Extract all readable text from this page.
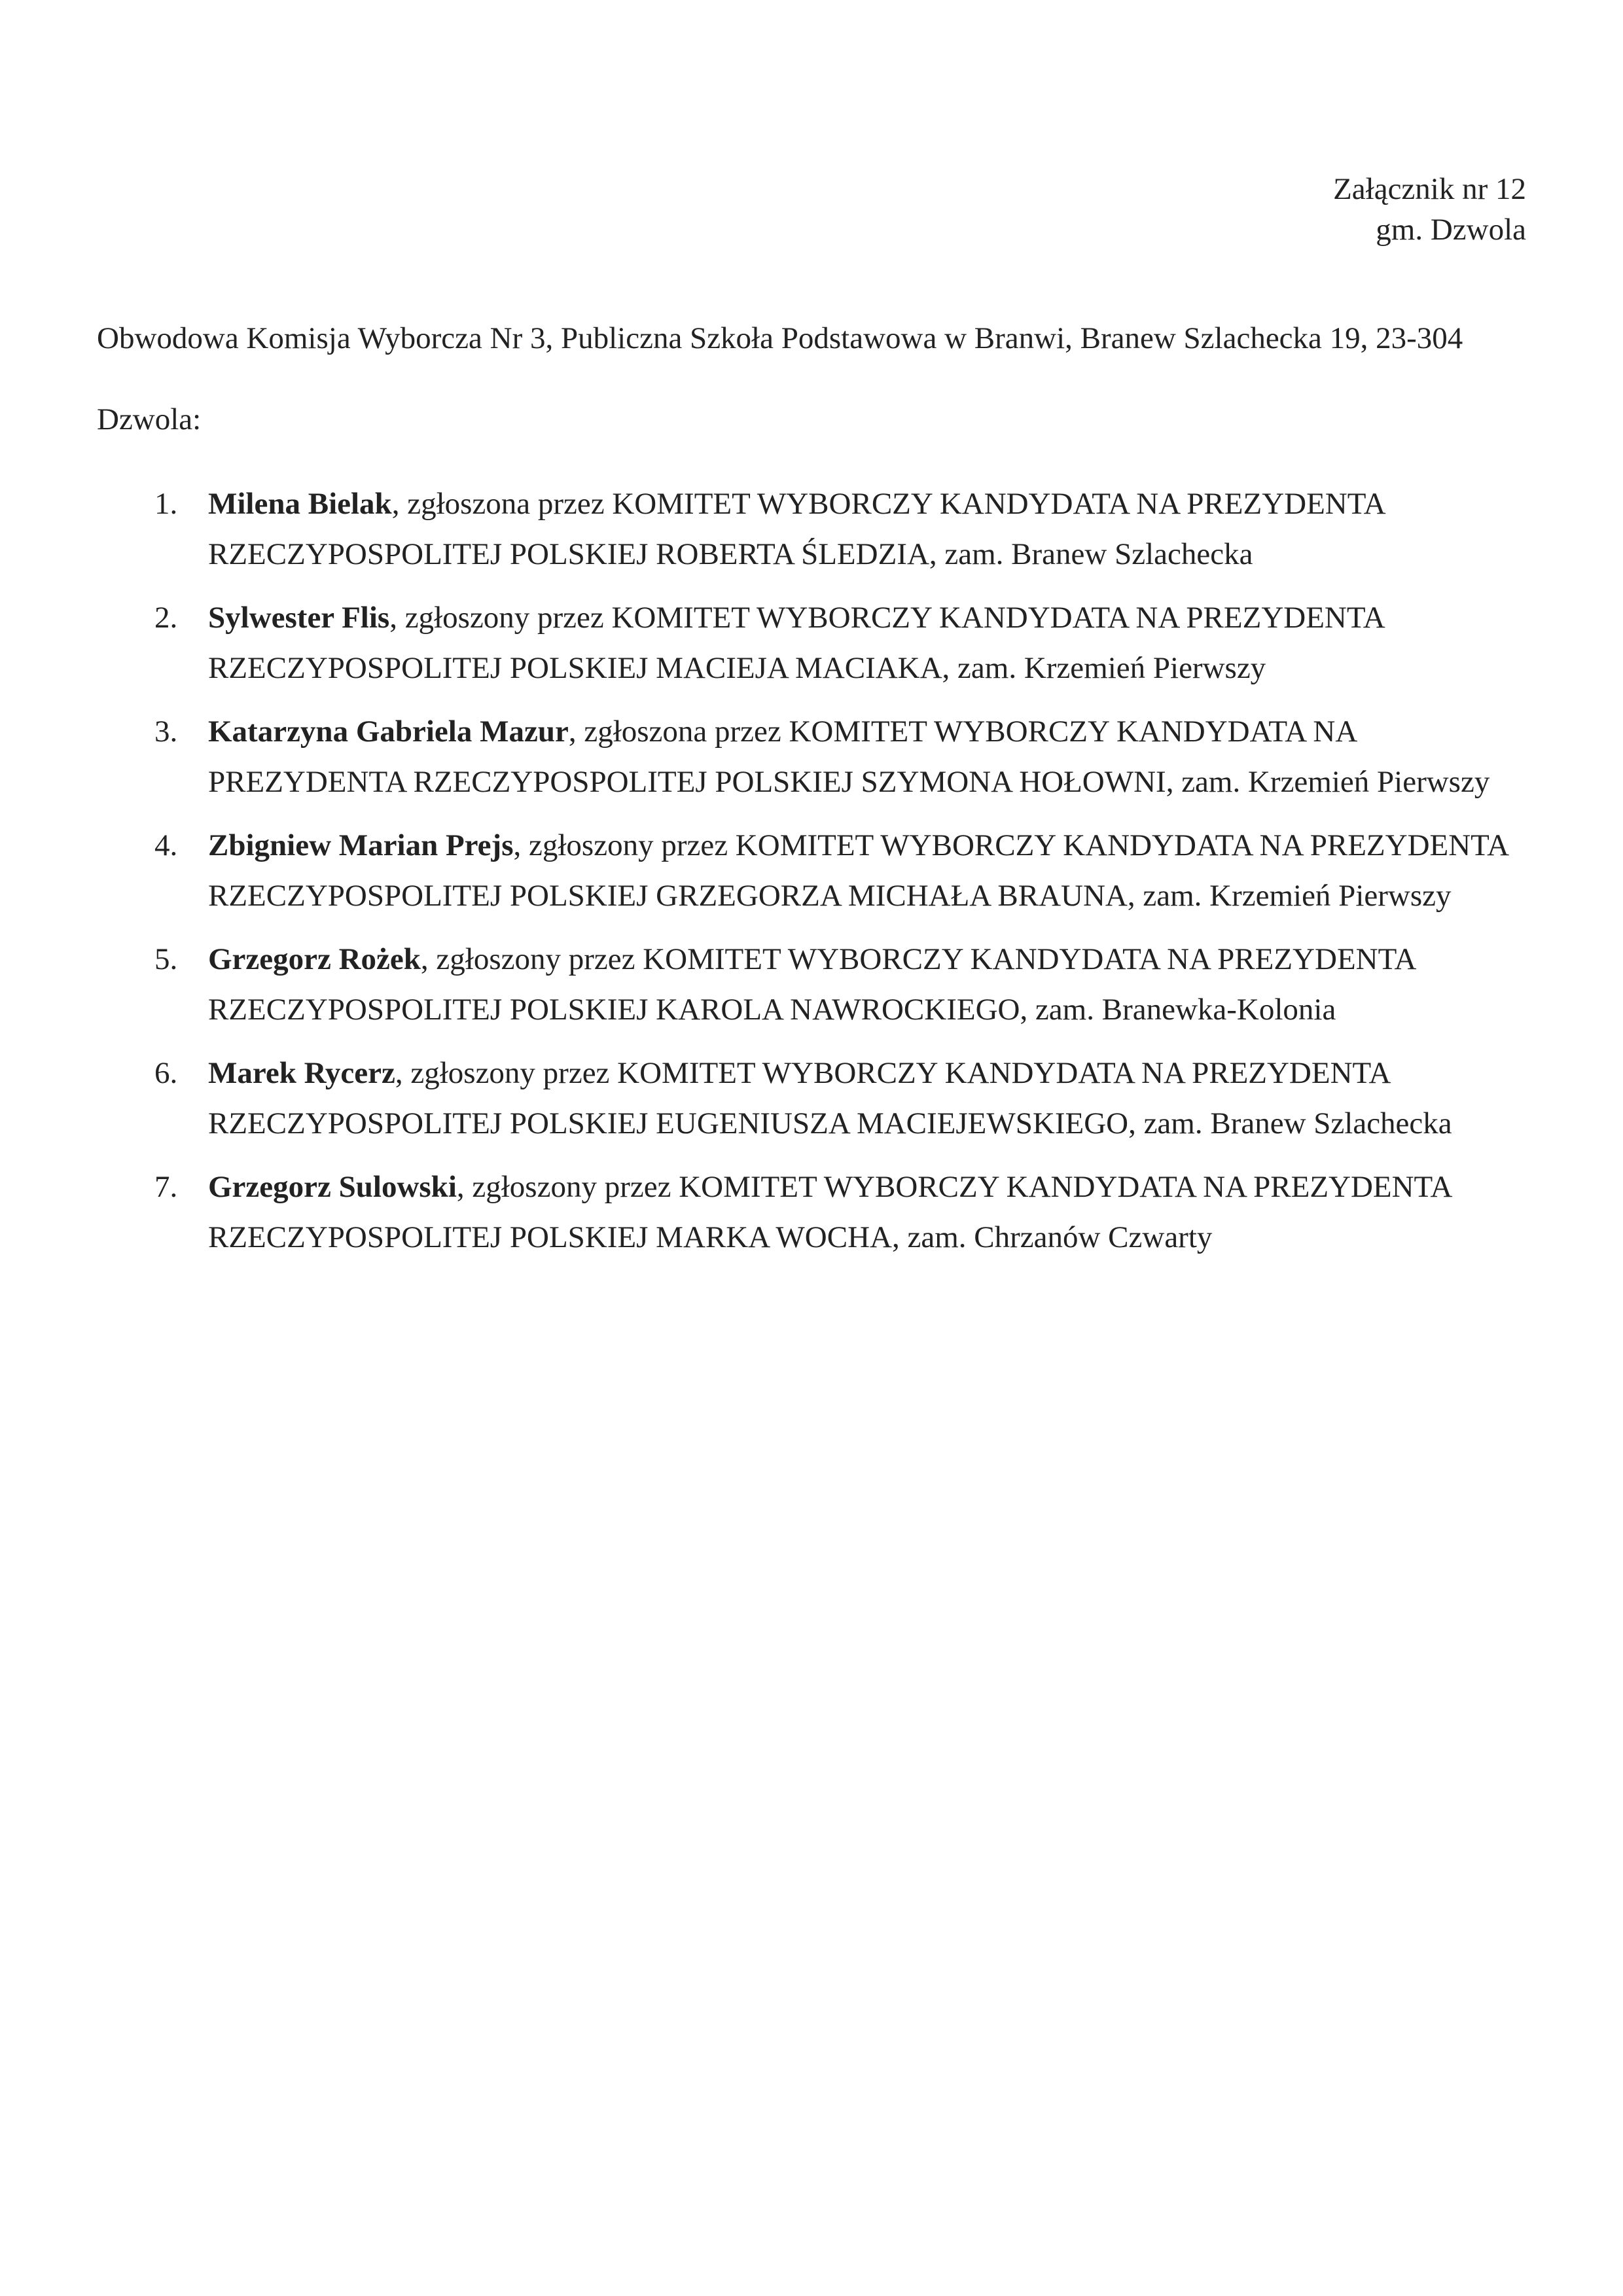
Załącznik nr 12
gm. Dzwola
Obwodowa Komisja Wyborcza Nr 3, Publiczna Szkoła Podstawowa w Branwi, Branew Szlachecka 19, 23-304 Dzwola:
1. Milena Bielak, zgłoszona przez KOMITET WYBORCZY KANDYDATA NA PREZYDENTA RZECZYPOSPOLITEJ POLSKIEJ ROBERTA ŚLEDZIA, zam. Branew Szlachecka
2. Sylwester Flis, zgłoszony przez KOMITET WYBORCZY KANDYDATA NA PREZYDENTA RZECZYPOSPOLITEJ POLSKIEJ MACIEJA MACIAKA, zam. Krzemień Pierwszy
3. Katarzyna Gabriela Mazur, zgłoszona przez KOMITET WYBORCZY KANDYDATA NA PREZYDENTA RZECZYPOSPOLITEJ POLSKIEJ SZYMONA HOŁOWNI, zam. Krzemień Pierwszy
4. Zbigniew Marian Prejs, zgłoszony przez KOMITET WYBORCZY KANDYDATA NA PREZYDENTA RZECZYPOSPOLITEJ POLSKIEJ GRZEGORZA MICHAŁA BRAUNA, zam. Krzemień Pierwszy
5. Grzegorz Rożek, zgłoszony przez KOMITET WYBORCZY KANDYDATA NA PREZYDENTA RZECZYPOSPOLITEJ POLSKIEJ KAROLA NAWROCKIEGO, zam. Branewka-Kolonia
6. Marek Rycerz, zgłoszony przez KOMITET WYBORCZY KANDYDATA NA PREZYDENTA RZECZYPOSPOLITEJ POLSKIEJ EUGENIUSZA MACIEJEWSKIEGO, zam. Branew Szlachecka
7. Grzegorz Sulowski, zgłoszony przez KOMITET WYBORCZY KANDYDATA NA PREZYDENTA RZECZYPOSPOLITEJ POLSKIEJ MARKA WOCHA, zam. Chrzanów Czwarty
